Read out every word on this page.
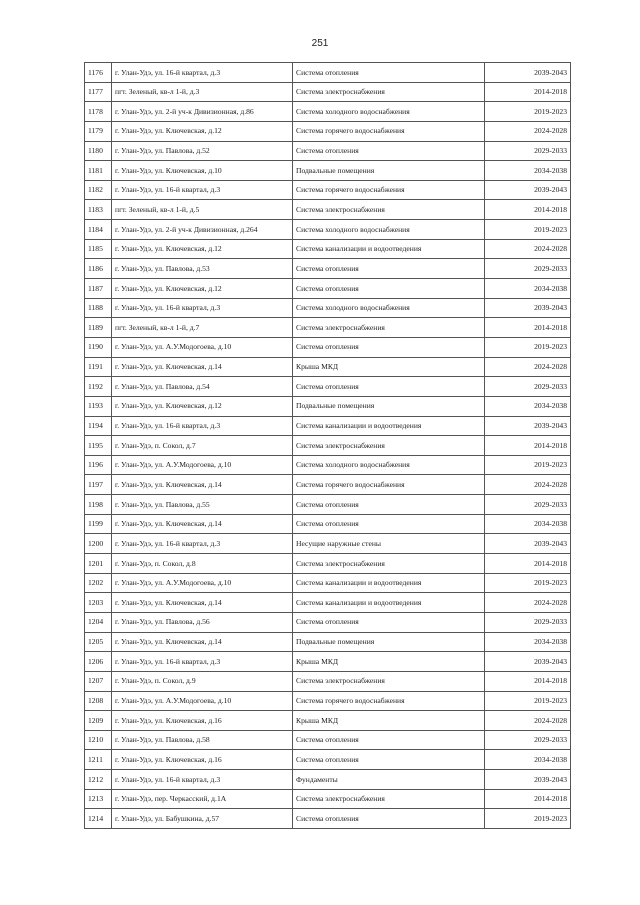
251
1176	г. Улан-Удэ, ул. 16-й квартал, д.3	Система отопления	2039-2043
1177	пгт. Зеленый, кв-л 1-й, д.3	Система электроснабжения	2014-2018
1178	г. Улан-Удэ, ул. 2-й уч-к Дивизионная, д.86	Система холодного водоснабжения	2019-2023
1179	г. Улан-Удэ, ул. Ключевская, д.12	Система горячего водоснабжения	2024-2028
1180	г. Улан-Удэ, ул. Павлова, д.52	Система отопления	2029-2033
1181	г. Улан-Удэ, ул. Ключевская, д.10	Подвальные помещения	2034-2038
1182	г. Улан-Удэ, ул. 16-й квартал, д.3	Система горячего водоснабжения	2039-2043
1183	пгт. Зеленый, кв-л 1-й, д.5	Система электроснабжения	2014-2018
1184	г. Улан-Удэ, ул. 2-й уч-к Дивизионная, д.264	Система холодного водоснабжения	2019-2023
1185	г. Улан-Удэ, ул. Ключевская, д.12	Система канализации и водоотведения	2024-2028
1186	г. Улан-Удэ, ул. Павлова, д.53	Система отопления	2029-2033
1187	г. Улан-Удэ, ул. Ключевская, д.12	Система отопления	2034-2038
1188	г. Улан-Удэ, ул. 16-й квартал, д.3	Система холодного водоснабжения	2039-2043
1189	пгт. Зеленый, кв-л 1-й, д.7	Система электроснабжения	2014-2018
1190	г. Улан-Удэ, ул. А.У.Модогоева, д.10	Система отопления	2019-2023
1191	г. Улан-Удэ, ул. Ключевская, д.14	Крыша МКД	2024-2028
1192	г. Улан-Удэ, ул. Павлова, д.54	Система отопления	2029-2033
1193	г. Улан-Удэ, ул. Ключевская, д.12	Подвальные помещения	2034-2038
1194	г. Улан-Удэ, ул. 16-й квартал, д.3	Система канализации и водоотведения	2039-2043
1195	г. Улан-Удэ, п. Сокол, д.7	Система электроснабжения	2014-2018
1196	г. Улан-Удэ, ул. А.У.Модогоева, д.10	Система холодного водоснабжения	2019-2023
1197	г. Улан-Удэ, ул. Ключевская, д.14	Система горячего водоснабжения	2024-2028
1198	г. Улан-Удэ, ул. Павлова, д.55	Система отопления	2029-2033
1199	г. Улан-Удэ, ул. Ключевская, д.14	Система отопления	2034-2038
1200	г. Улан-Удэ, ул. 16-й квартал, д.3	Несущие наружные стены	2039-2043
1201	г. Улан-Удэ, п. Сокол, д.8	Система электроснабжения	2014-2018
1202	г. Улан-Удэ, ул. А.У.Модогоева, д.10	Система канализации и водоотведения	2019-2023
1203	г. Улан-Удэ, ул. Ключевская, д.14	Система канализации и водоотведения	2024-2028
1204	г. Улан-Удэ, ул. Павлова, д.56	Система отопления	2029-2033
1205	г. Улан-Удэ, ул. Ключевская, д.14	Подвальные помещения	2034-2038
1206	г. Улан-Удэ, ул. 16-й квартал, д.3	Крыша МКД	2039-2043
1207	г. Улан-Удэ, п. Сокол, д.9	Система электроснабжения	2014-2018
1208	г. Улан-Удэ, ул. А.У.Модогоева, д.10	Система горячего водоснабжения	2019-2023
1209	г. Улан-Удэ, ул. Ключевская, д.16	Крыша МКД	2024-2028
1210	г. Улан-Удэ, ул. Павлова, д.58	Система отопления	2029-2033
1211	г. Улан-Удэ, ул. Ключевская, д.16	Система отопления	2034-2038
1212	г. Улан-Удэ, ул. 16-й квартал, д.3	Фундаменты	2039-2043
1213	г. Улан-Удэ, пер. Черкасский, д.1А	Система электроснабжения	2014-2018
1214	г. Улан-Удэ, ул. Бабушкина, д.57	Система отопления	2019-2023
